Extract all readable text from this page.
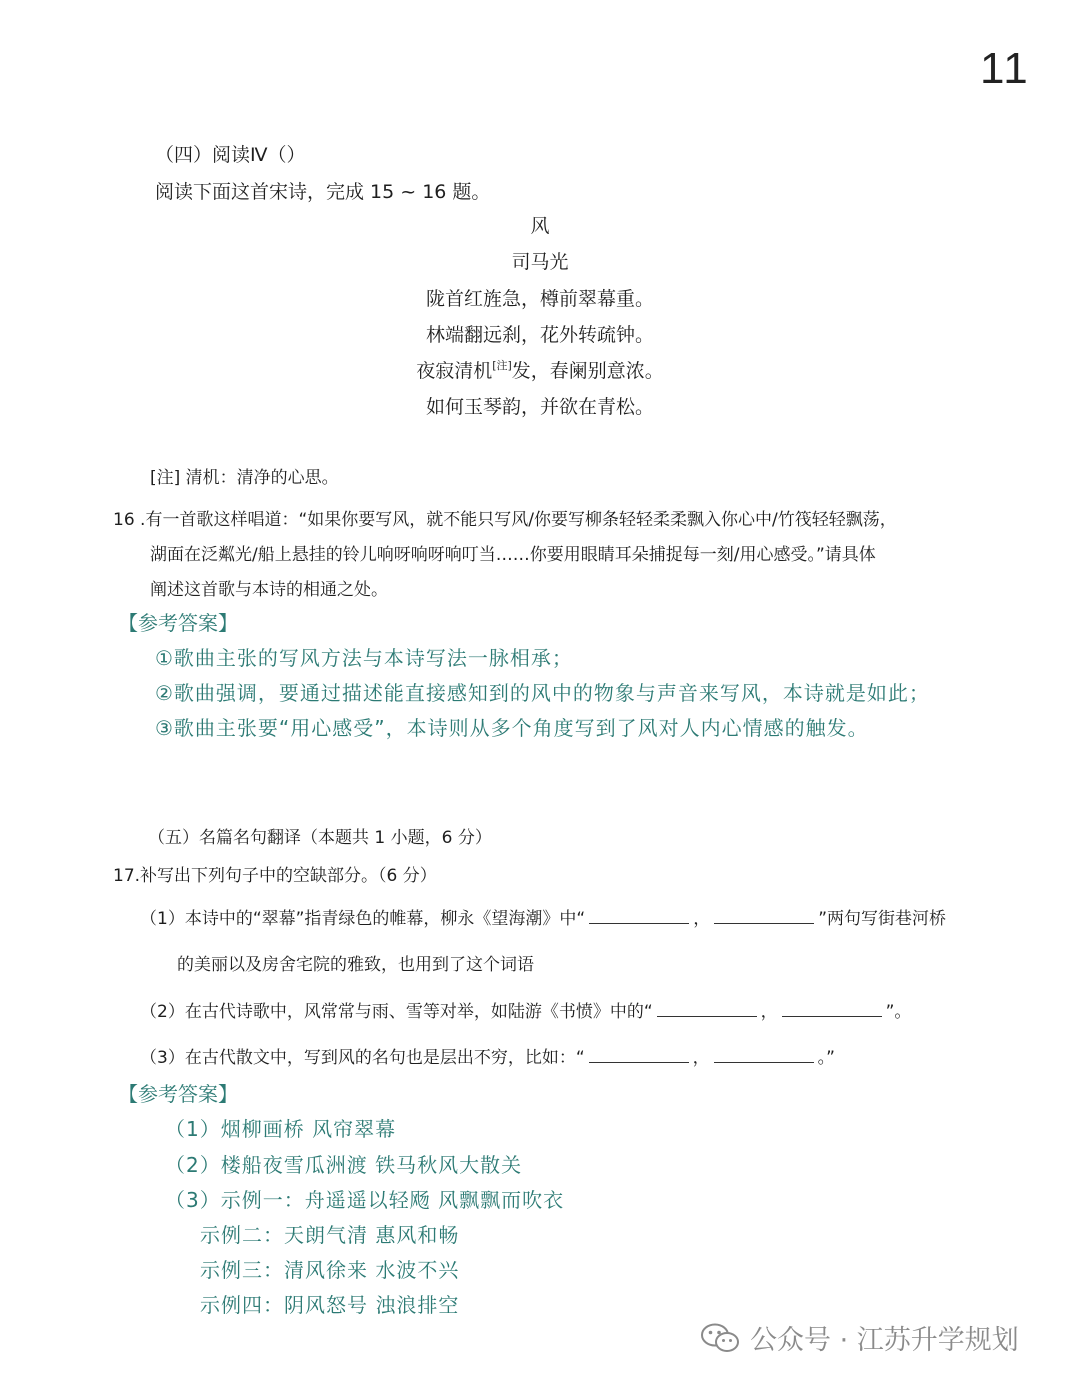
11
（四）阅读Ⅳ（）
阅读下面这首宋诗，完成 15 ~ 16 题。
风
司马光
陇首红旌急，樽前翠幕重。
林端翻远刹，花外转疏钟。
夜寂清机[注]发，春阑别意浓。
如何玉琴韵，并欲在青松。
[注] 清机：清净的心思。
16 .有一首歌这样唱道：“如果你要写风，就不能只写风/你要写柳条轻轻柔柔飘入你心中/竹筏轻轻飘荡，
湖面在泛粼光/船上悬挂的铃儿响呀响呀响叮当……你要用眼睛耳朵捕捉每一刻/用心感受。”请具体
阐述这首歌与本诗的相通之处。
【参考答案】
①歌曲主张的写风方法与本诗写法一脉相承；
②歌曲强调，要通过描述能直接感知到的风中的物象与声音来写风，本诗就是如此；
③歌曲主张要“用心感受”，本诗则从多个角度写到了风对人内心情感的触发。
（五）名篇名句翻译（本题共 1 小题，6 分）
17.补写出下列句子中的空缺部分。（6 分）
（1）本诗中的“翠幕”指青绿色的帷幕，柳永《望海潮》中“	，	”两句写街巷河桥
的美丽以及房舍宅院的雅致，也用到了这个词语
（2）在古代诗歌中，风常常与雨、雪等对举，如陆游《书愤》中的“	，	”。
（3）在古代散文中，写到风的名句也是层出不穷，比如：“	，	。”
【参考答案】
（1）烟柳画桥 风帘翠幕
（2）楼船夜雪瓜洲渡 铁马秋风大散关
（3）示例一：舟遥遥以轻飏 风飘飘而吹衣
示例二：天朗气清 惠风和畅
示例三：清风徐来 水波不兴
示例四：阴风怒号 浊浪排空
公众号 · 江苏升学规划
